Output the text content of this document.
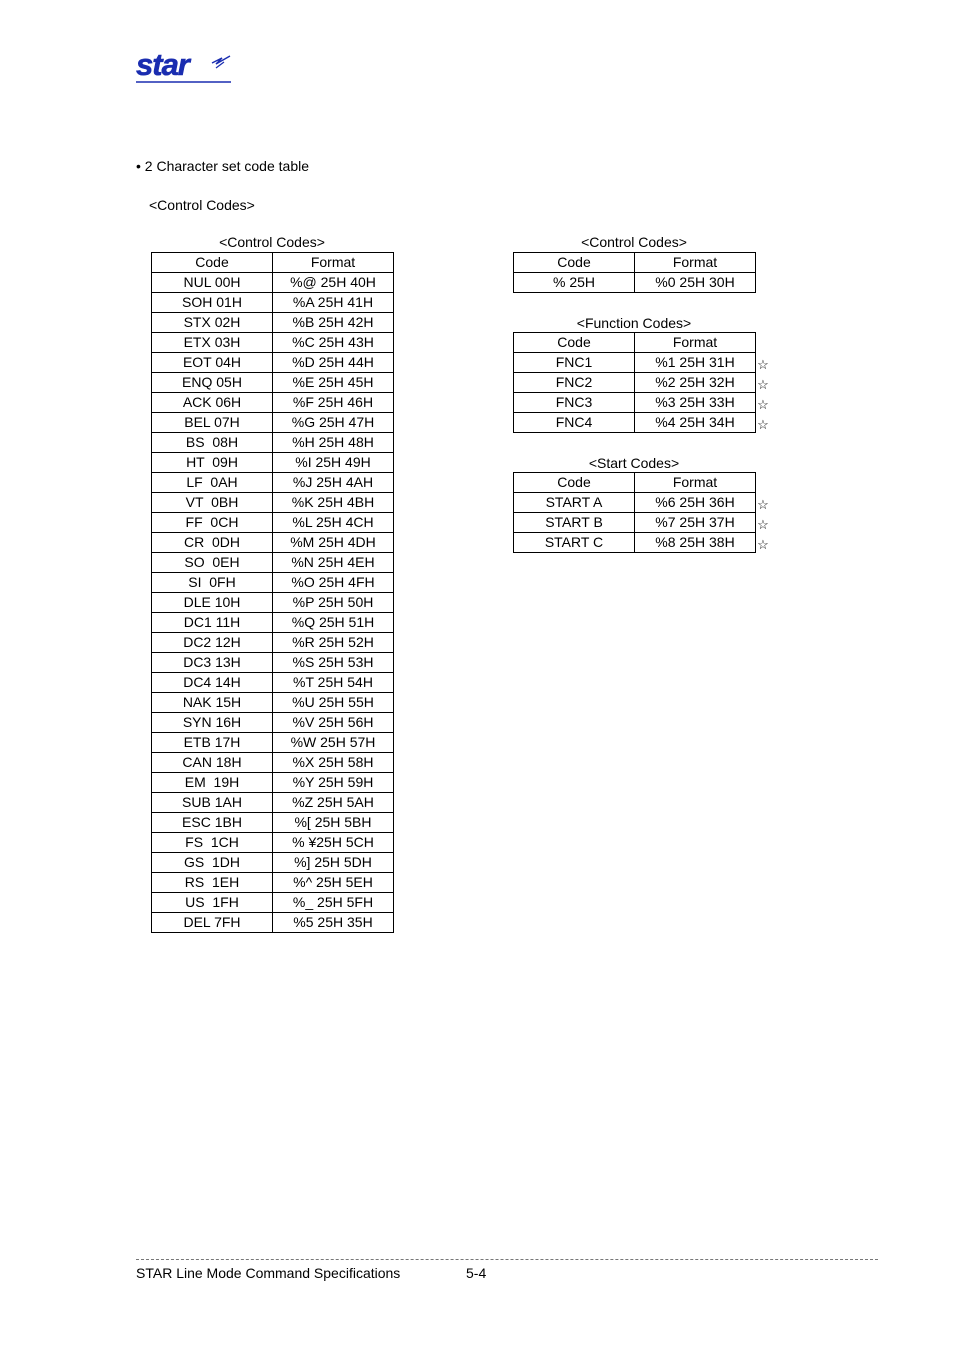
star
• 2 Character set code table
<Control Codes>
<Control Codes>
Code	Format
NUL 00H	%@ 25H 40H
SOH 01H	%A 25H 41H
STX 02H	%B 25H 42H
ETX 03H	%C 25H 43H
EOT 04H	%D 25H 44H
ENQ 05H	%E 25H 45H
ACK 06H	%F 25H 46H
BEL 07H	%G 25H 47H
BS  08H	%H 25H 48H
HT  09H	%I 25H 49H
LF  0AH	%J 25H 4AH
VT  0BH	%K 25H 4BH
FF  0CH	%L 25H 4CH
CR  0DH	%M 25H 4DH
SO  0EH	%N 25H 4EH
SI  0FH	%O 25H 4FH
DLE 10H	%P 25H 50H
DC1 11H	%Q 25H 51H
DC2 12H	%R 25H 52H
DC3 13H	%S 25H 53H
DC4 14H	%T 25H 54H
NAK 15H	%U 25H 55H
SYN 16H	%V 25H 56H
ETB 17H	%W 25H 57H
CAN 18H	%X 25H 58H
EM  19H	%Y 25H 59H
SUB 1AH	%Z 25H 5AH
ESC 1BH	%[ 25H 5BH
FS  1CH	% ¥25H 5CH
GS  1DH	%] 25H 5DH
RS  1EH	%^ 25H 5EH
US  1FH	%_ 25H 5FH
DEL 7FH	%5 25H 35H
<Control Codes>
Code	Format
% 25H	%0 25H 30H
<Function Codes>
Code	Format
FNC1	%1 25H 31H
FNC2	%2 25H 32H
FNC3	%3 25H 33H
FNC4	%4 25H 34H
☆
☆
☆
☆
<Start Codes>
Code	Format
START A	%6 25H 36H
START B	%7 25H 37H
START C	%8 25H 38H
☆
☆
☆
STAR Line Mode Command Specifications	5-4
